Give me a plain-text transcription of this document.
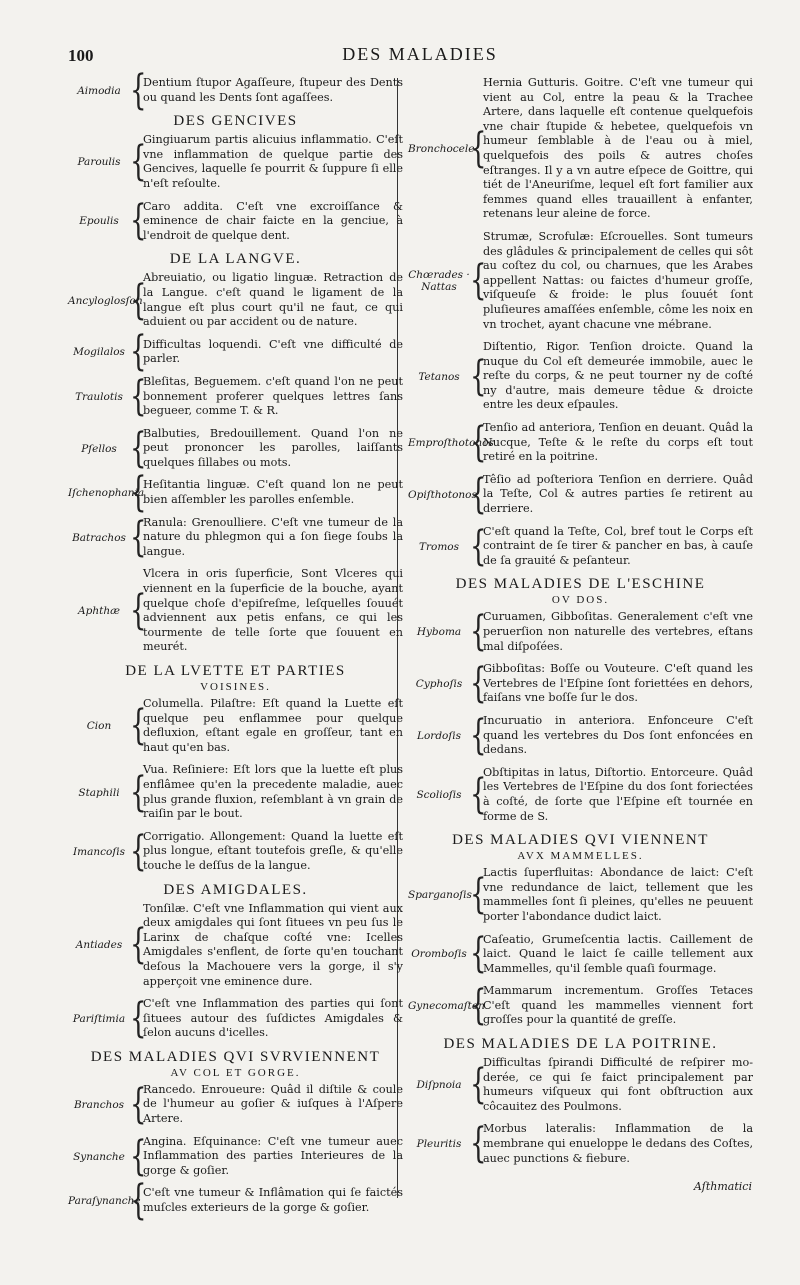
100	DES MALADIES
Aimodia {
Dentium ſtupor Agaſſeure, ſtupeur des Dents ou quand les Dents ſont agaſſees.
DES GENCIVES
Paroulis {
Gingiuarum partis alicuius inflammatio. C'eſt vne inflammation de quelque partie des Gencives, laquelle ſe pourrit & ſuppure ſi elle n'eſt reſoulte.
Epoulis {
Caro addita. C'eſt vne excroiſſance & eminence de chair faicte en la genciue, à l'endroit de quelque dent.
DE LA LANGVE.
Ancyloglosſon
{
Abreuiatio, ou ligatio linguæ. Retraction de la Langue. c'eſt quand le ligament de la langue eſt plus court qu'il ne faut, ce qui aduient ou par accident ou de nature.
Mogilalos {
Difficultas loquendi. C'eſt vne difficulté de parler.
Traulotis {
Bleſitas, Beguemem. c'eſt quand l'on ne peut bonnement proferer quelques lettres ſans begueer, comme T. & R.
Pſellos {
Balbuties, Bredouillement. Quand l'on ne peut prononcer les parolles, laiſſants quelques ſillabes ou mots.
Iſchenophania
{
Heſitantia linguæ. C'eſt quand lon ne peut bien aſſembler les parolles enſemble.
Batrachos {
Ranula: Grenoulliere. C'eſt vne tumeur de la nature du phlegmon qui a ſon ſiege ſoubs la langue.
Aphthæ {
Vlcera in oris ſuperficie, Sont Vlceres qui viennent en la ſuperficie de la bouche, ayant quelque choſe d'epiſreſme, leſquelles ſouuét adviennent aux petis enfans, ce qui les tourmente de telle ſorte que ſouuent en meurét.
DE LA LVETTE ET PARTIES
VOISINES.
Cion {
Columella. Pilaſtre: Eſt quand la Luette eſt quelque peu enflammee pour quelque defluxion, eſtant egale en groſſeur, tant en haut qu'en bas.
Staphili {
Vua. Reſiniere: Eſt lors que la luette eſt plus enflâmee qu'en la precedente maladie, auec plus grande fluxion, reſemblant à vn grain de raiſin par le bout.
Imancoſis {
Corrigatio. Allongement: Quand la luette eſt plus longue, eſtant toutefois greſle, & qu'elle touche le deſſus de la langue.
DES AMIGDALES.
Antiades {
Tonſilæ. C'eſt vne Inflammation qui vient aux deux amigdales qui ſont ſituees vn peu ſus le Larinx de chaſque coſté vne: Icelles Amigdales s'enflent, de ſorte qu'en touchant deſous la Machouere vers la gorge, il s'y apperçoit vne eminence dure.
Pariſtimia {
C'eſt vne Inflammation des parties qui ſont ſituees autour des ſuſdictes Amigdales & ſelon aucuns d'icelles.
DES MALADIES QVI SVRVIENNENT
AV COL ET GORGE.
Branchos {
Rancedo. Enroueure: Quâd il diſtile & coule de l'humeur au goſier & iuſques à l'Aſpere Artere.
Synanche {
Angina. Eſquinance: C'eſt vne tumeur auec Inflammation des parties Interieures de la gorge & goſier.
Paraſynanche
{
C'eſt vne tumeur & Inflâmation qui ſe faictés muſcles exterieurs de la gorge & goſier.
Bronchocele
{
Hernia Gutturis. Goitre. C'eſt vne tumeur qui vient au Col, entre la peau & la Trachee Artere, dans laquelle eſt contenue quelquefois vne chair ſtupide & hebetee, quelquefois vn humeur ſemblable à de l'eau ou à miel, quelquefois des poils & autres choſes eſtranges. Il y a vn autre eſpece de Goittre, qui tiét de l'Aneuriſme, lequel eſt fort familier aux femmes quand elles trauaillent à enfanter, retenans leur aleine de force.
Chœrades · Nattas {
Strumæ, Scrofulæ: Eſcrouelles. Sont tumeurs des glâdules & principalement de celles qui sôt au coſtez du col, ou charnues, que les Arabes appellent Nattas: ou faictes d'humeur groſſe, viſqueuſe & froide: le plus ſouuét ſont pluſieures amaſſées enſemble, côme les noix en vn trochet, ayant chacune vne mébrane.
Tetanos {
Diſtentio, Rigor. Tenſion droicte. Quand la nuque du Col eſt demeurée immobile, auec le reſte du corps, & ne peut tourner ny de coſté ny d'autre, mais demeure têdue & droicte entre les deux eſpaules.
Emproſthotonos
{
Tenſio ad anteriora, Tenſion en deuant. Quâd la Nucque, Teſte & le reſte du corps eſt tout retiré en la poitrine.
Opiſthotonos
{
Têſio ad poſteriora Tenſion en derriere. Quâd la Teſte, Col & autres parties ſe retirent au derriere.
Tromos {
C'eſt quand la Teſte, Col, bref tout le Corps eſt contraint de ſe tirer & pancher en bas, à cauſe de ſa grauité & peſanteur.
DES MALADIES DE L'ESCHINE
OV DOS.
Hyboma {
Curuamen, Gibboſitas. Generalement c'eſt vne peruerſion non naturelle des vertebres, eſtans mal diſpoſées.
Cyphoſis {
Gibboſitas: Boſſe ou Vouteure. C'eſt quand les Vertebres de l'Eſpine ſont foriettées en dehors, faiſans vne boſſe ſur le dos.
Lordoſis {
Incuruatio in anteriora. Enfonceure C'eſt quand les vertebres du Dos ſont enfoncées en dedans.
Scolioſis {
Obſtipitas in latus, Diſtortio. Entorceure. Quâd les Vertebres de l'Eſpine du dos ſont foriectées à coſté, de ſorte que l'Eſpine eſt tournée en forme de S.
DES MALADIES QVI VIENNENT
AVX MAMMELLES.
Sparganoſis
{
Lactis ſuperfluitas: Abondance de laict: C'eſt vne redundance de laict, tellement que les mammelles ſont ſi pleines, qu'elles ne peuuent porter l'abondance dudict laict.
Oromboſis {
Caſeatio, Grumeſcentia lactis. Caillement de laict. Quand le laict ſe caille tellement aux Mammelles, qu'il ſemble quaſi fourmage.
Gynecomaſton
{
Mammarum incrementum. Groſſes Tetaces C'eſt quand les mammelles viennent fort groſſes pour la quantité de greſſe.
DES MALADIES DE LA POITRINE.
Diſpnoia {
Difficultas ſpirandi Difficulté de reſpirer mo-derée, ce qui ſe faict principalement par humeurs viſqueux qui font obſtruction aux côcauitez des Poulmons.
Pleuritis {
Morbus lateralis: Inflammation de la membrane qui enueloppe le dedans des Coſtes, auec punctions & fiebure.
Aſthmatici
